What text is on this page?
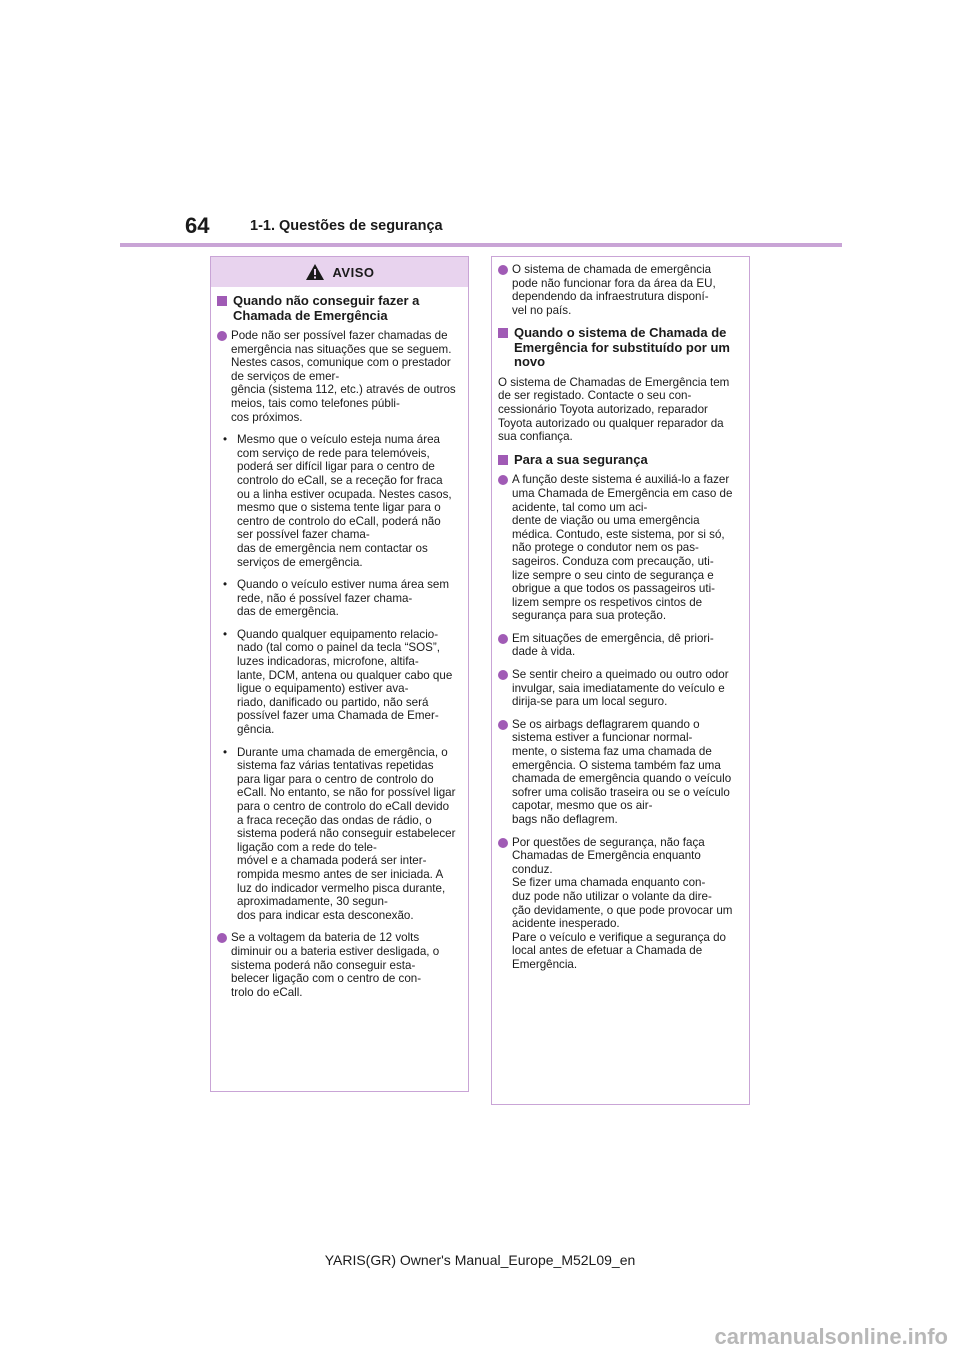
64	1-1. Questões de segurança
AVISO
Quando não conseguir fazer a Chamada de Emergência
Pode não ser possível fazer chamadas de emergência nas situações que se seguem. Nestes casos, comunique com o prestador de serviços de emer-
gência (sistema 112, etc.) através de outros meios, tais como telefones públi-
cos próximos.
• Mesmo que o veículo esteja numa área com serviço de rede para telemóveis, poderá ser difícil ligar para o centro de controlo do eCall, se a receção for fraca ou a linha estiver ocupada. Nestes casos, mesmo que o sistema tente ligar para o centro de controlo do eCall, poderá não ser possível fazer chama-
das de emergência nem contactar os serviços de emergência.
• Quando o veículo estiver numa área sem rede, não é possível fazer chama-
das de emergência.
• Quando qualquer equipamento relacio-
nado (tal como o painel da tecla “SOS”, luzes indicadoras, microfone, altifa-
lante, DCM, antena ou qualquer cabo que ligue o equipamento) estiver ava-
riado, danificado ou partido, não será possível fazer uma Chamada de Emer-
gência.
• Durante uma chamada de emergência, o sistema faz várias tentativas repetidas para ligar para o centro de controlo do eCall. No entanto, se não for possível ligar para o centro de controlo do eCall devido a fraca receção das ondas de rádio, o sistema poderá não conseguir estabelecer ligação com a rede do tele-
móvel e a chamada poderá ser inter-
rompida mesmo antes de ser iniciada. A luz do indicador vermelho pisca durante, aproximadamente, 30 segun-
dos para indicar esta desconexão.
Se a voltagem da bateria de 12 volts diminuir ou a bateria estiver desligada, o sistema poderá não conseguir esta-
belecer ligação com o centro de con-
trolo do eCall.
O sistema de chamada de emergência pode não funcionar fora da área da EU, dependendo da infraestrutura disponí-
vel no país.
Quando o sistema de Chamada de Emergência for substituído por um novo
O sistema de Chamadas de Emergência tem de ser registado. Contacte o seu con-
cessionário Toyota autorizado, reparador Toyota autorizado ou qualquer reparador da sua confiança.
Para a sua segurança
A função deste sistema é auxiliá-lo a fazer uma Chamada de Emergência em caso de acidente, tal como um aci-
dente de viação ou uma emergência médica. Contudo, este sistema, por si só, não protege o condutor nem os pas-
sageiros. Conduza com precaução, uti-
lize sempre o seu cinto de segurança e obrigue a que todos os passageiros uti-
lizem sempre os respetivos cintos de segurança para sua proteção.
Em situações de emergência, dê priori-
dade à vida.
Se sentir cheiro a queimado ou outro odor invulgar, saia imediatamente do veículo e dirija-se para um local seguro.
Se os airbags deflagrarem quando o sistema estiver a funcionar normal-
mente, o sistema faz uma chamada de emergência. O sistema também faz uma chamada de emergência quando o veículo sofrer uma colisão traseira ou se o veículo capotar, mesmo que os air-
bags não deflagrem.
Por questões de segurança, não faça Chamadas de Emergência enquanto conduz.
Se fizer uma chamada enquanto con-
duz pode não utilizar o volante da dire-
ção devidamente, o que pode provocar um acidente inesperado.
Pare o veículo e verifique a segurança do local antes de efetuar a Chamada de Emergência.
YARIS(GR) Owner's Manual_Europe_M52L09_en
carmanualsonline.info
